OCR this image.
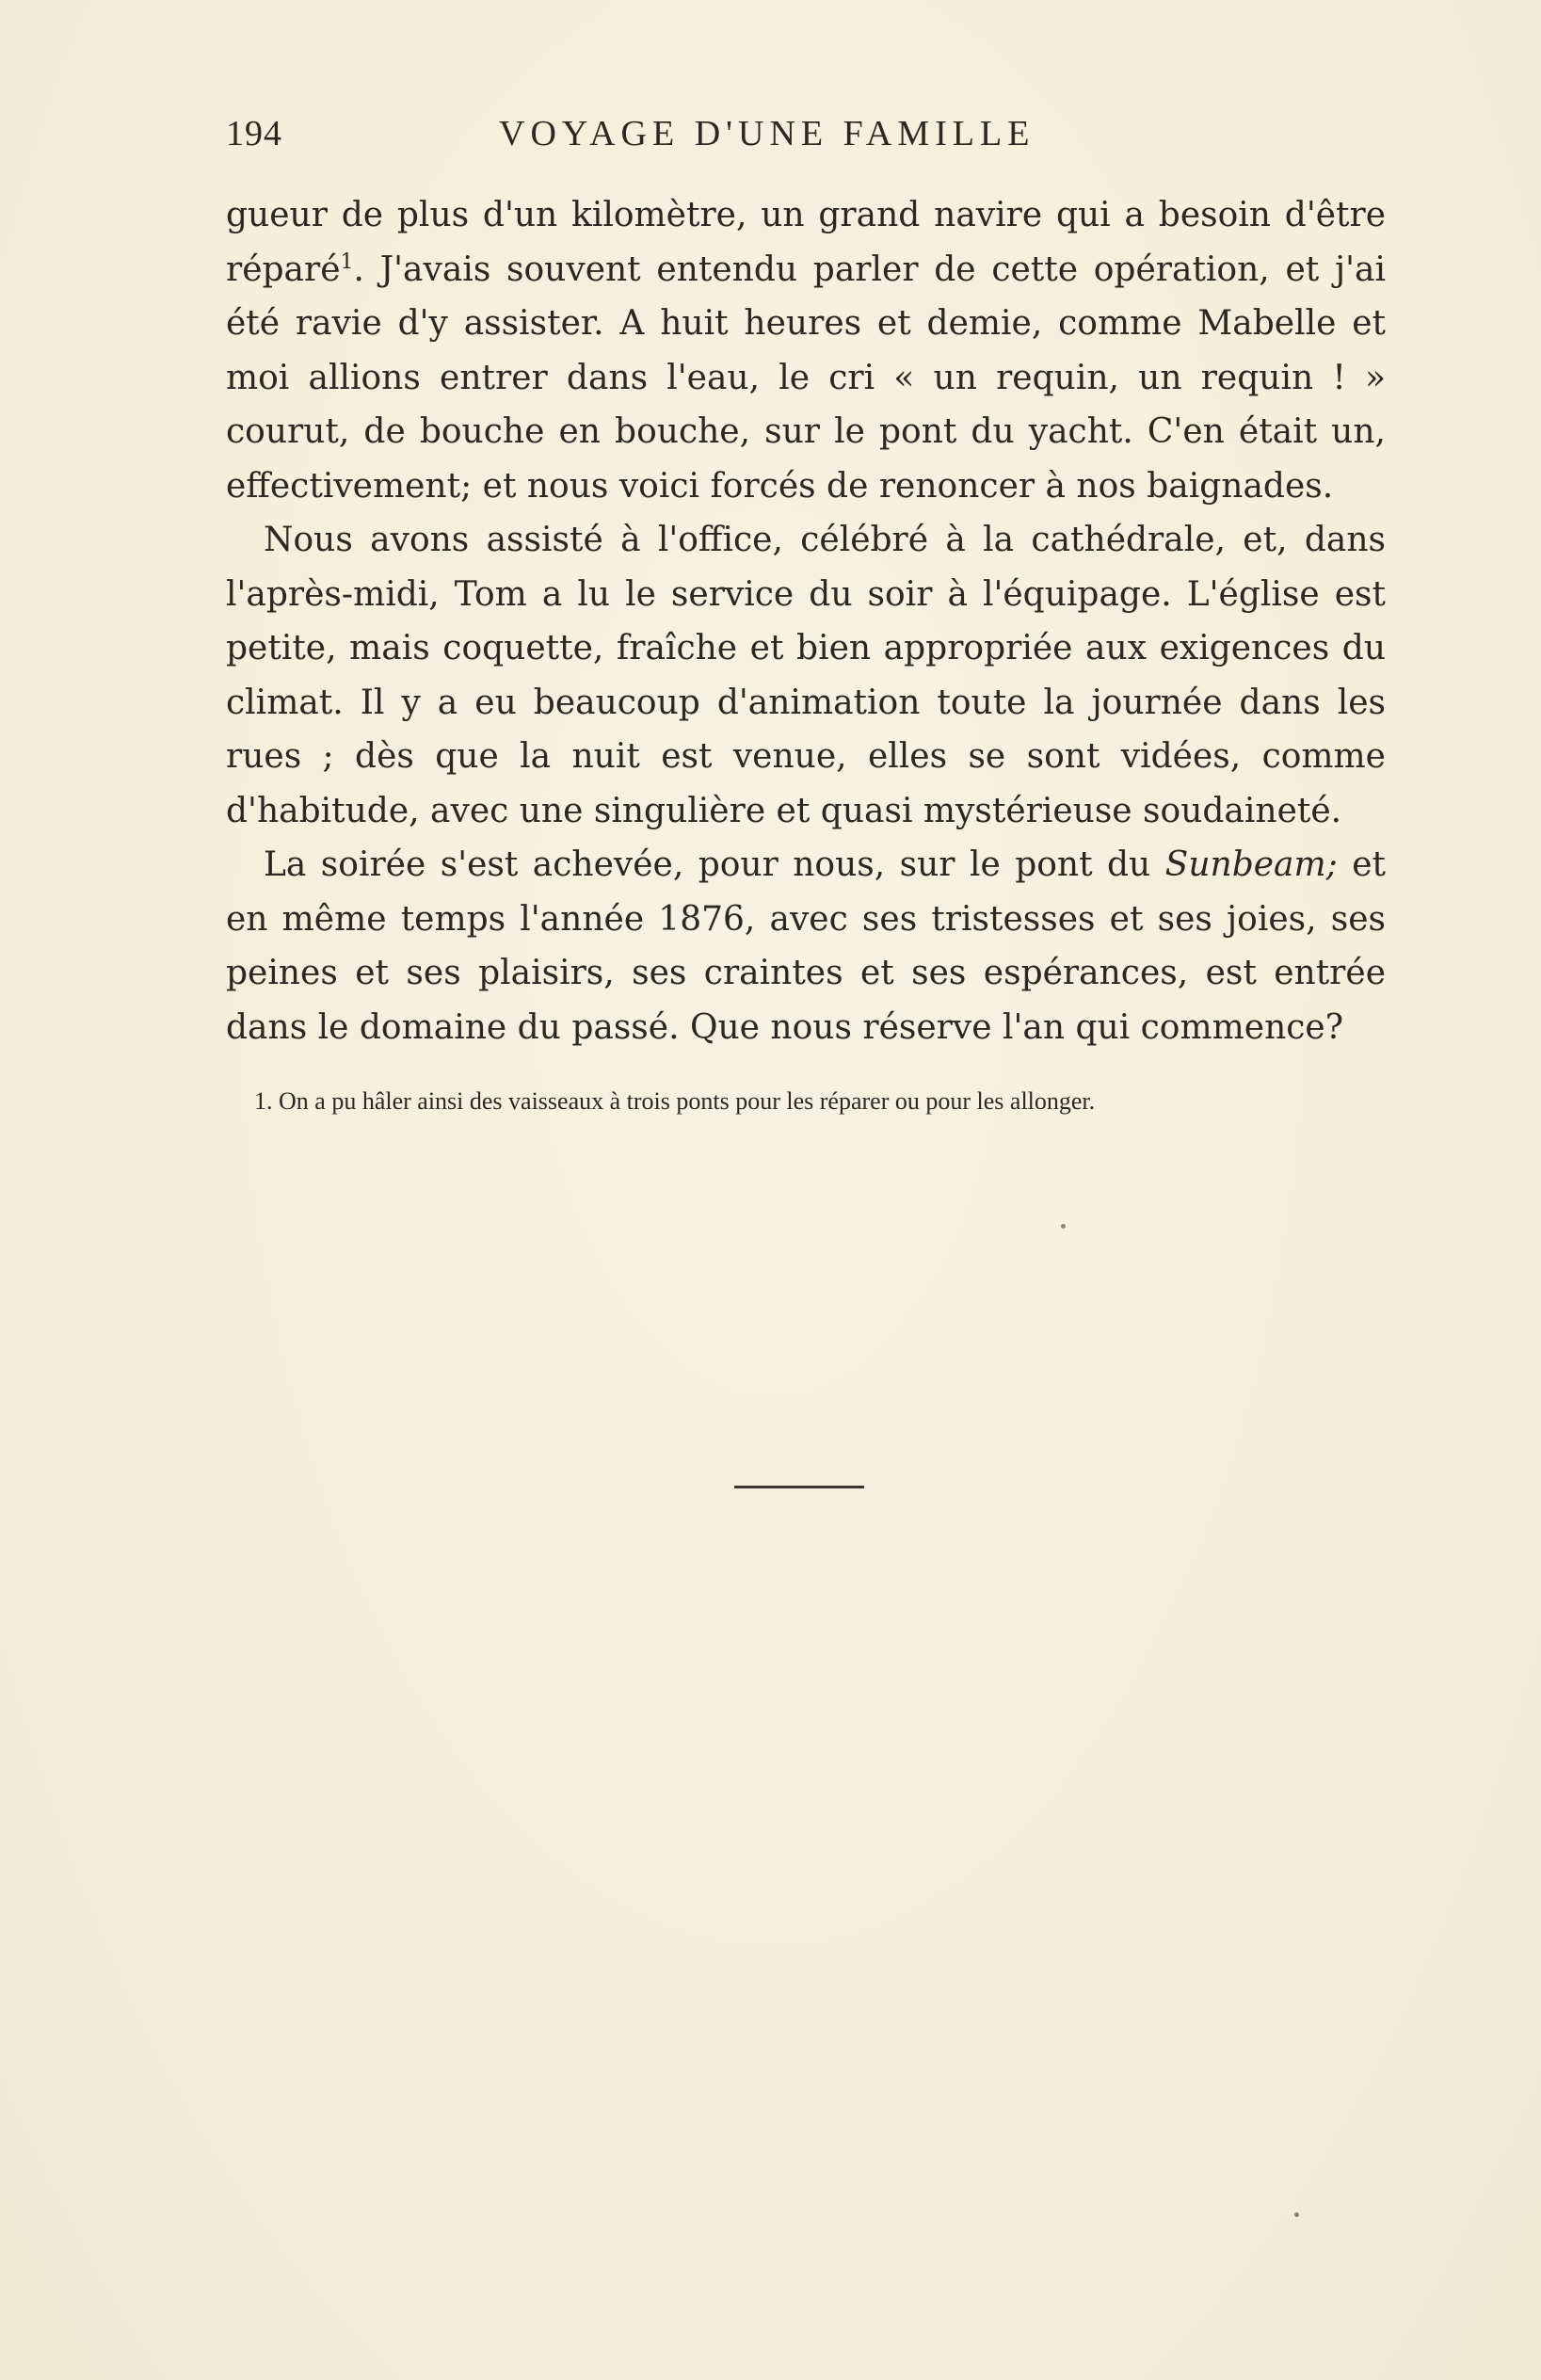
194	VOYAGE D'UNE FAMILLE

gueur de plus d'un kilomètre, un grand navire qui a besoin d'être réparé$^1$. J'avais souvent entendu parler de cette opération, et j'ai été ravie d'y assister. A huit heures et demie, comme Mabelle et moi allions entrer dans l'eau, le cri « un requin, un requin ! » courut, de bouche en bouche, sur le pont du yacht. C'en était un, effectivement; et nous voici forcés de renoncer à nos baignades.

Nous avons assisté à l'office, célébré à la cathédrale, et, dans l'après-midi, Tom a lu le service du soir à l'équipage. L'église est petite, mais coquette, fraîche et bien appropriée aux exigences du climat. Il y a eu beaucoup d'animation toute la journée dans les rues ; dès que la nuit est venue, elles se sont vidées, comme d'habitude, avec une singulière et quasi mystérieuse soudaineté.

La soirée s'est achevée, pour nous, sur le pont du Sunbeam; et en même temps l'année 1876, avec ses tristesses et ses joies, ses peines et ses plaisirs, ses craintes et ses espérances, est entrée dans le domaine du passé. Que nous réserve l'an qui commence?

1. On a pu hâler ainsi des vaisseaux à trois ponts pour les réparer ou pour les allonger.
